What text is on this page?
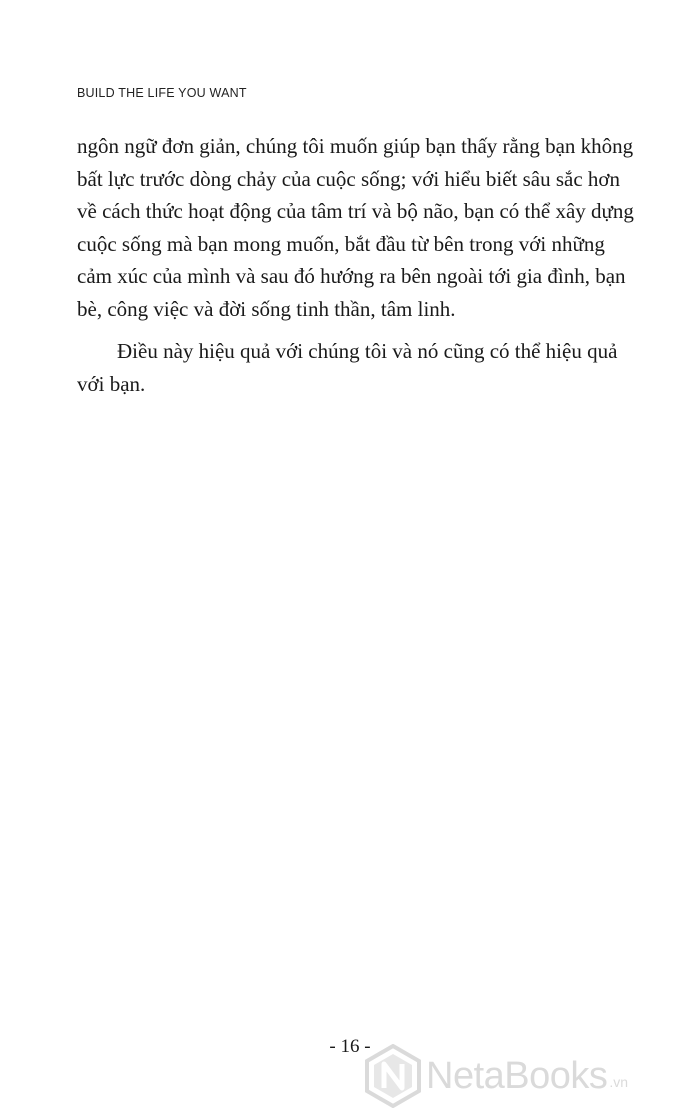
BUILD THE LIFE YOU WANT

ngôn ngữ đơn giản, chúng tôi muốn giúp bạn thấy rằng bạn không
bất lực trước dòng chảy của cuộc sống; với hiểu biết sâu sắc hơn
về cách thức hoạt động của tâm trí và bộ não, bạn có thể xây dựng
cuộc sống mà bạn mong muốn, bắt đầu từ bên trong với những
cảm xúc của mình và sau đó hướng ra bên ngoài tới gia đình, bạn
bè, công việc và đời sống tinh thần, tâm linh.

Điều này hiệu quả với chúng tôi và nó cũng có thể hiệu quả
với bạn.

- 16 -
NetaBooks .vn
